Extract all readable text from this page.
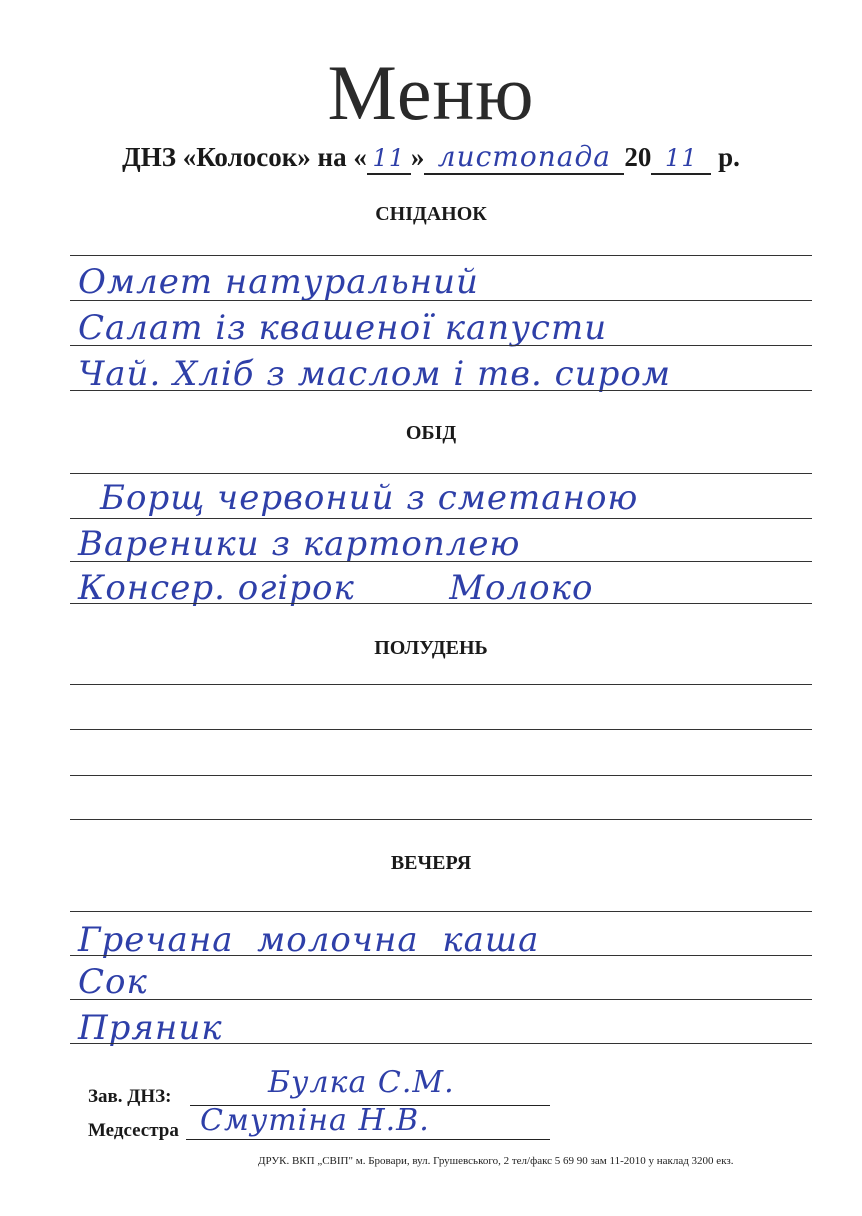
Меню
ДНЗ «Колосок» на « 11 » листопада 20 11 р.
СНІДАНОК
Омлет натуральний
Салат із квашеної капусти
Чай. Хліб з маслом і тв. сиром
ОБІД
Борщ червоний з сметаною
Вареники з картоплею
Консер. огірок        Молоко
ПОЛУДЕНЬ
ВЕЧЕРЯ
Гречана  молочна  каша
Сок
Пряник
Зав. ДНЗ:	Булка С.М.
Медсестра Смутіна Н.В.
ДРУК. ВКП „СВІП" м. Бровари, вул. Грушевського, 2 тел/факс 5 69 90 зам 11-2010 у наклад 3200 екз.
